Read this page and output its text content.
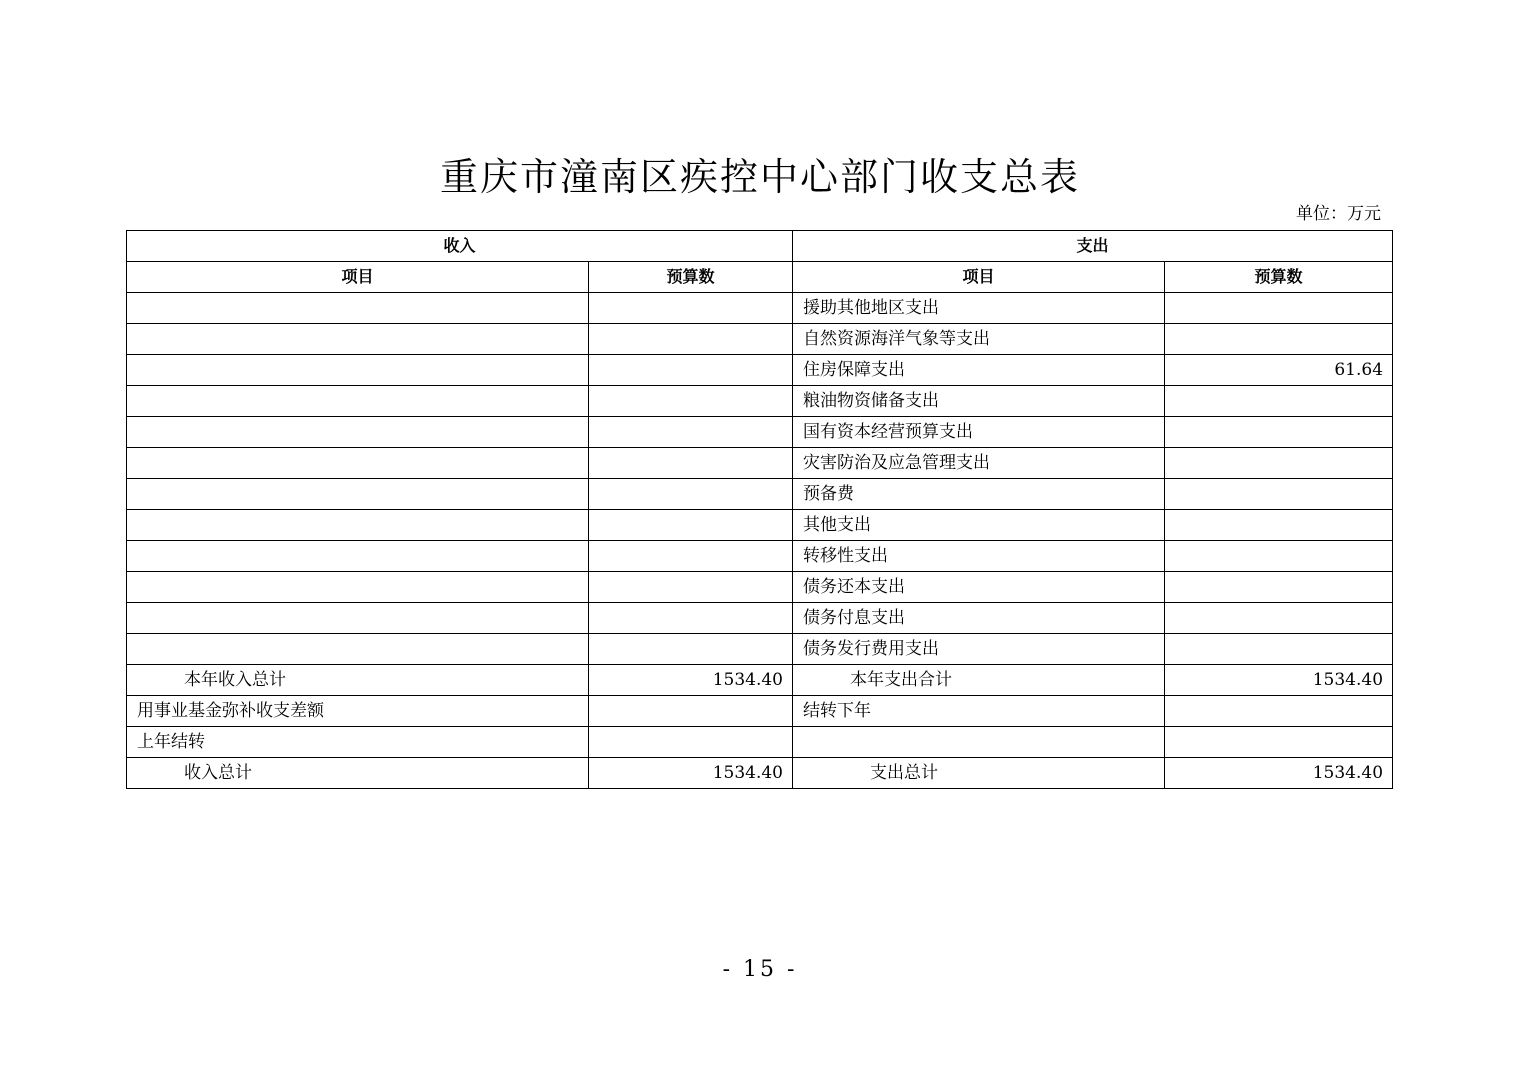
重庆市潼南区疾控中心部门收支总表
单位：万元
收入		支出	
项目	预算数	项目	预算数
		援助其他地区支出	
		自然资源海洋气象等支出	
		住房保障支出	61.64
		粮油物资储备支出	
		国有资本经营预算支出	
		灾害防治及应急管理支出	
		预备费	
		其他支出	
		转移性支出	
		债务还本支出	
		债务付息支出	
		债务发行费用支出	
本年收入总计	1534.40	本年支出合计	1534.40
用事业基金弥补收支差额		结转下年	
上年结转			
收入总计	1534.40	支出总计	1534.40
- 15 -
